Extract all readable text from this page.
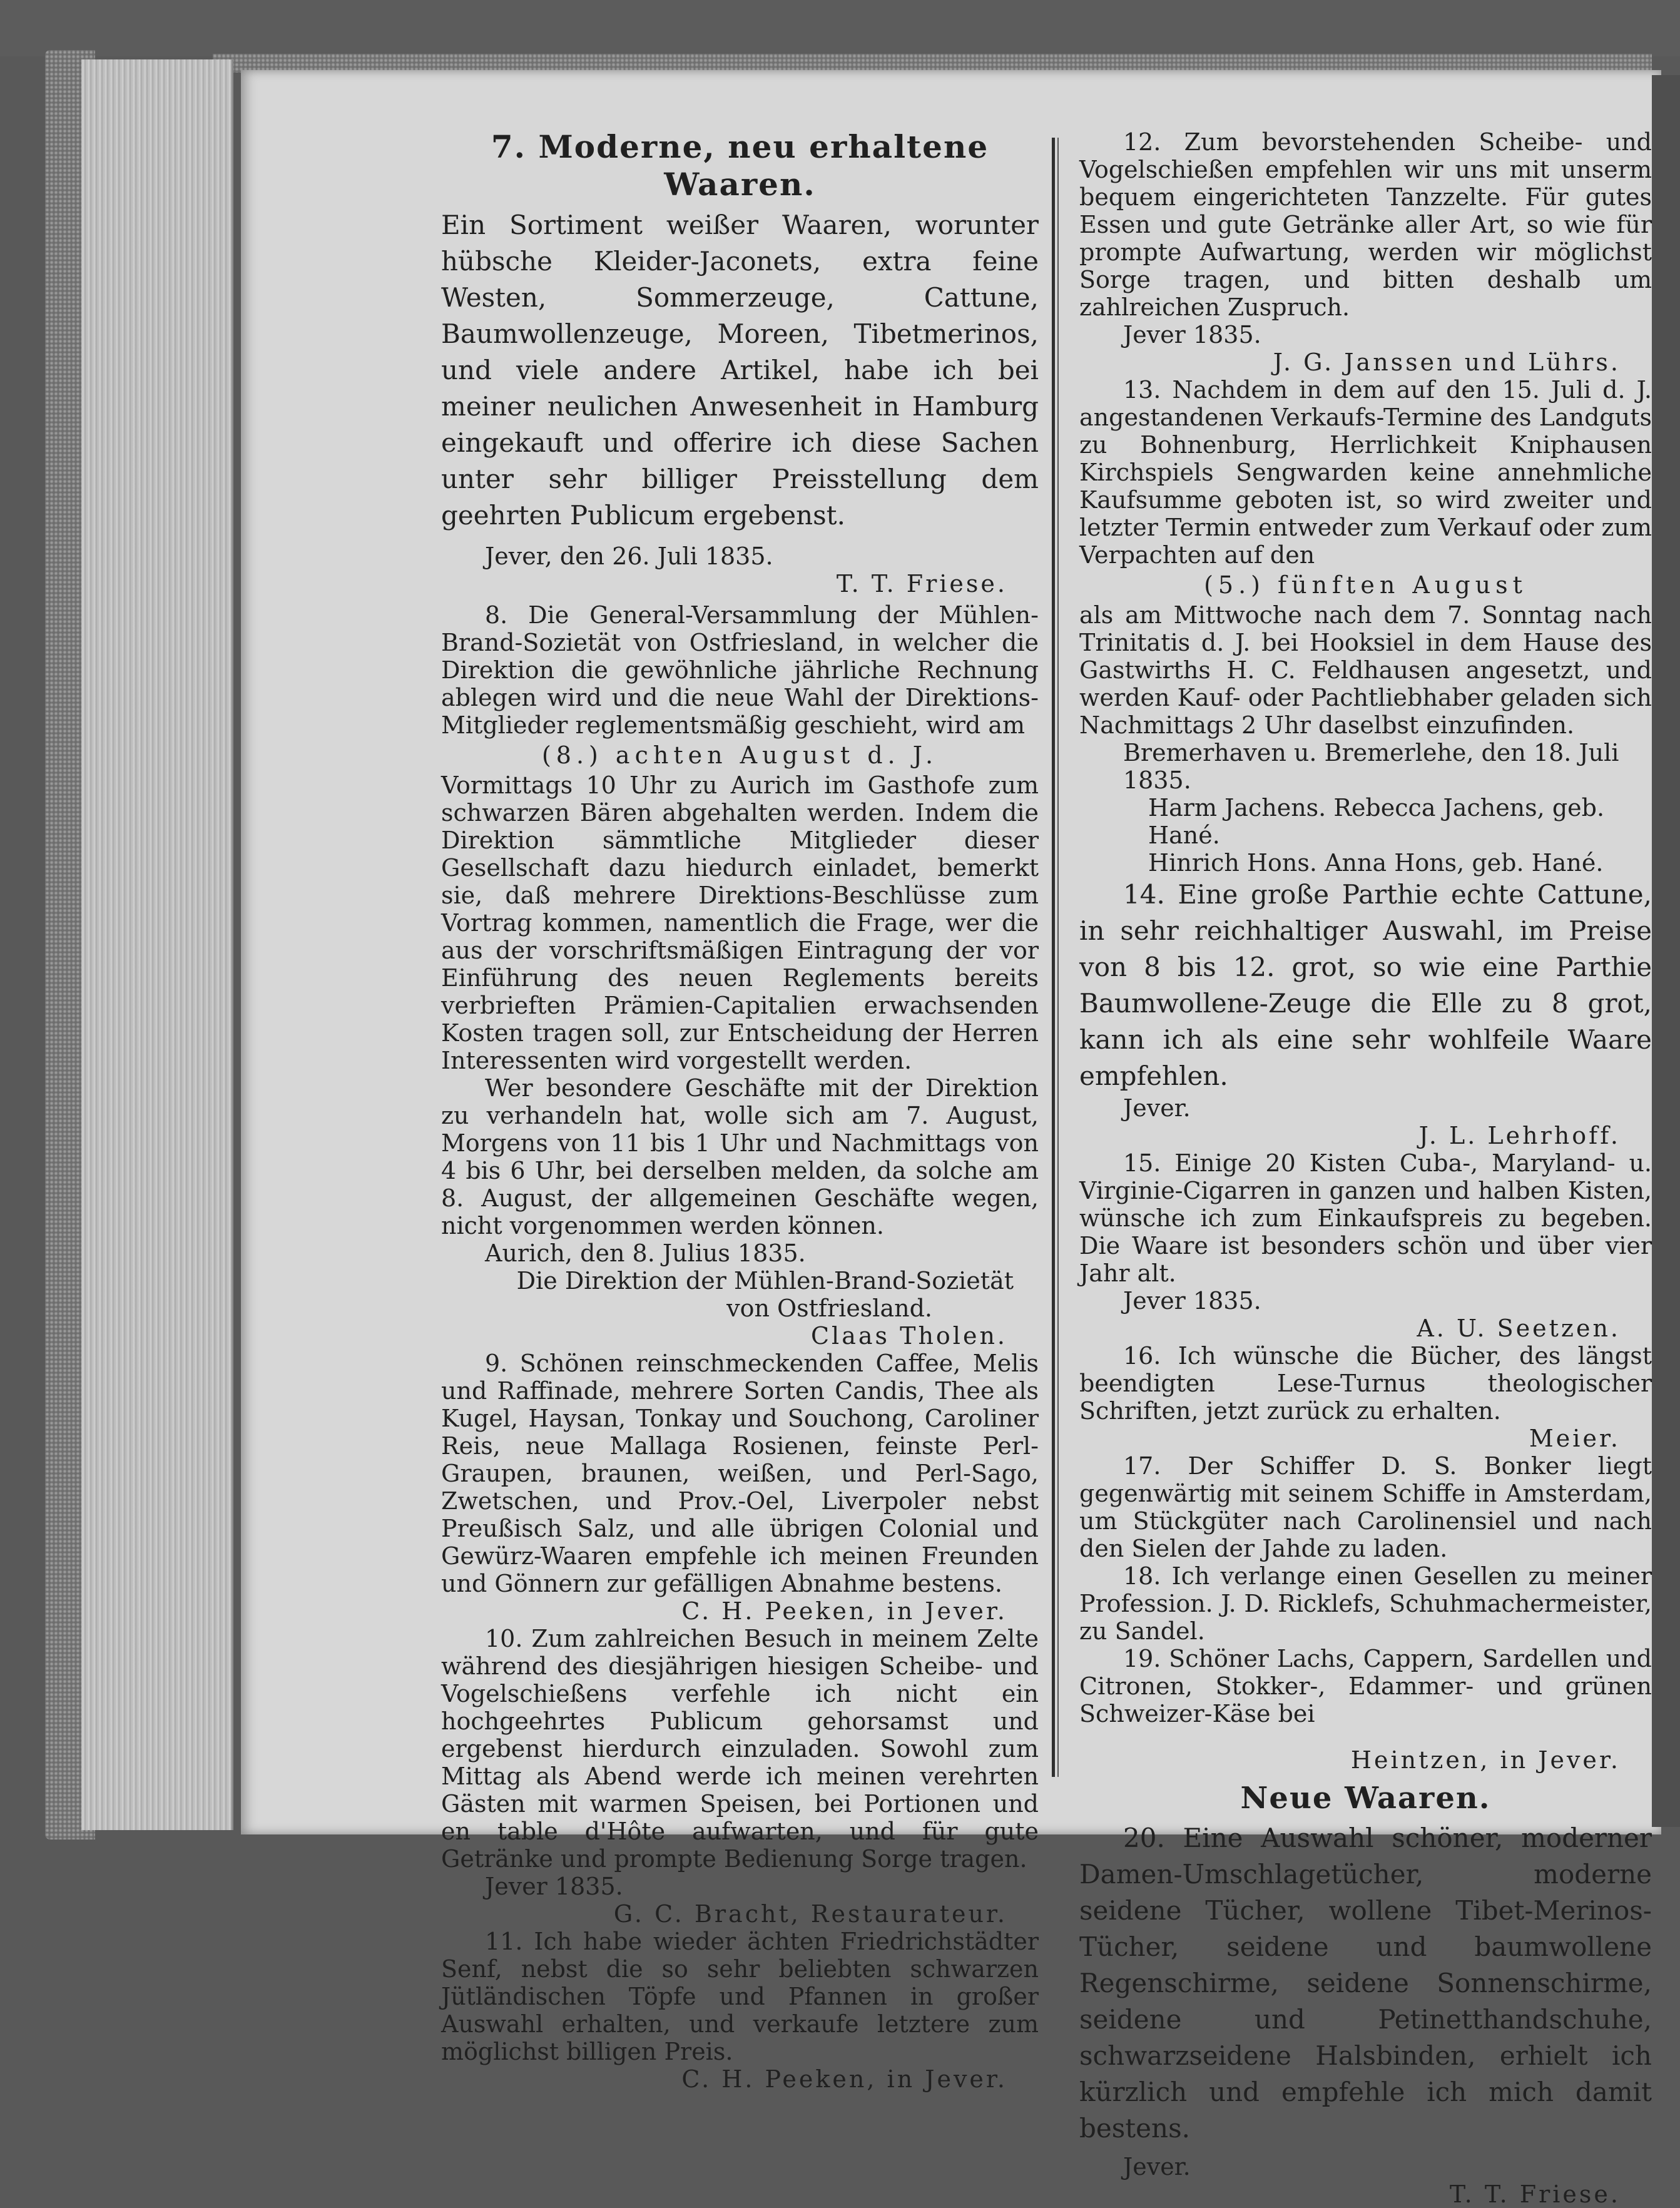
7. Moderne, neu erhaltene Waaren.

Ein Sortiment weißer Waaren, worunter hübsche Kleider-Jaconets, extra feine Westen, Sommerzeuge, Cattune, Baumwollenzeuge, Moreen, Tibetmerinos, und viele andere Artikel, habe ich bei meiner neulichen Anwesenheit in Hamburg eingekauft und offerire ich diese Sachen unter sehr billiger Preisstellung dem geehrten Publicum ergebenst.

Jever, den 26. Juli 1835.

T. T. Friese.

8. Die General-Versammlung der Mühlen-Brand-Sozietät von Ostfriesland, in welcher die Direktion die gewöhnliche jährliche Rechnung ablegen wird und die neue Wahl der Direktions-Mitglieder reglementsmäßig geschieht, wird am

(8.) achten August d. J.

Vormittags 10 Uhr zu Aurich im Gasthofe zum schwarzen Bären abgehalten werden. Indem die Direktion sämmtliche Mitglieder dieser Gesellschaft dazu hiedurch einladet, bemerkt sie, daß mehrere Direktions-Beschlüsse zum Vortrag kommen, namentlich die Frage, wer die aus der vorschriftsmäßigen Eintragung der vor Einführung des neuen Reglements bereits verbrieften Prämien-Capitalien erwachsenden Kosten tragen soll, zur Entscheidung der Herren Interessenten wird vorgestellt werden.

Wer besondere Geschäfte mit der Direktion zu verhandeln hat, wolle sich am 7. August, Morgens von 11 bis 1 Uhr und Nachmittags von 4 bis 6 Uhr, bei derselben melden, da solche am 8. August, der allgemeinen Geschäfte wegen, nicht vorgenommen werden können.

Aurich, den 8. Julius 1835.

Die Direktion der Mühlen-Brand-Sozietät

von Ostfriesland.

Claas Tholen.

9. Schönen reinschmeckenden Caffee, Melis und Raffinade, mehrere Sorten Candis, Thee als Kugel, Haysan, Tonkay und Souchong, Caroliner Reis, neue Mallaga Rosienen, feinste Perl-Graupen, braunen, weißen, und Perl-Sago, Zwetschen, und Prov.-Oel, Liverpoler nebst Preußisch Salz, und alle übrigen Colonial und Gewürz-Waaren empfehle ich meinen Freunden und Gönnern zur gefälligen Abnahme bestens.

C. H. Peeken, in Jever.

10. Zum zahlreichen Besuch in meinem Zelte während des diesjährigen hiesigen Scheibe- und Vogelschießens verfehle ich nicht ein hochgeehrtes Publicum gehorsamst und ergebenst hierdurch einzuladen. Sowohl zum Mittag als Abend werde ich meinen verehrten Gästen mit warmen Speisen, bei Portionen und en table d'Hôte aufwarten, und für gute Getränke und prompte Bedienung Sorge tragen.

Jever 1835.

G. C. Bracht, Restaurateur.

11. Ich habe wieder ächten Friedrichstädter Senf, nebst die so sehr beliebten schwarzen Jütländischen Töpfe und Pfannen in großer Auswahl erhalten, und verkaufe letztere zum möglichst billigen Preis.

C. H. Peeken, in Jever.

12. Zum bevorstehenden Scheibe- und Vogelschießen empfehlen wir uns mit unserm bequem eingerichteten Tanzzelte. Für gutes Essen und gute Getränke aller Art, so wie für prompte Aufwartung, werden wir möglichst Sorge tragen, und bitten deshalb um zahlreichen Zuspruch.

Jever 1835.

J. G. Janssen und Lührs.

13. Nachdem in dem auf den 15. Juli d. J. angestandenen Verkaufs-Termine des Landguts zu Bohnenburg, Herrlichkeit Kniphausen Kirchspiels Sengwarden keine annehmliche Kaufsumme geboten ist, so wird zweiter und letzter Termin entweder zum Verkauf oder zum Verpachten auf den

(5.) fünften August

als am Mittwoche nach dem 7. Sonntag nach Trinitatis d. J. bei Hooksiel in dem Hause des Gastwirths H. C. Feldhausen angesetzt, und werden Kauf- oder Pachtliebhaber geladen sich Nachmittags 2 Uhr daselbst einzufinden.

Bremerhaven u. Bremerlehe, den 18. Juli 1835.

Harm Jachens. Rebecca Jachens, geb. Hané.

Hinrich Hons. Anna Hons, geb. Hané.

14. Eine große Parthie echte Cattune, in sehr reichhaltiger Auswahl, im Preise von 8 bis 12. grot, so wie eine Parthie Baumwollene-Zeuge die Elle zu 8 grot, kann ich als eine sehr wohlfeile Waare empfehlen.

Jever.

J. L. Lehrhoff.

15. Einige 20 Kisten Cuba-, Maryland- u. Virginie-Cigarren in ganzen und halben Kisten, wünsche ich zum Einkaufspreis zu begeben. Die Waare ist besonders schön und über vier Jahr alt.

Jever 1835.

A. U. Seetzen.

16. Ich wünsche die Bücher, des längst beendigten Lese-Turnus theologischer Schriften, jetzt zurück zu erhalten.

Meier.

17. Der Schiffer D. S. Bonker liegt gegenwärtig mit seinem Schiffe in Amsterdam, um Stückgüter nach Carolinensiel und nach den Sielen der Jahde zu laden.

18. Ich verlange einen Gesellen zu meiner Profession. J. D. Ricklefs, Schuhmachermeister, zu Sandel.

19. Schöner Lachs, Cappern, Sardellen und Citronen, Stokker-, Edammer- und grünen Schweizer-Käse bei

Heintzen, in Jever.

Neue Waaren.

20. Eine Auswahl schöner, moderner Damen-Umschlagetücher, moderne seidene Tücher, wollene Tibet-Merinos-Tücher, seidene und baumwollene Regenschirme, seidene Sonnenschirme, seidene und Petinetthandschuhe, schwarzseidene Halsbinden, erhielt ich kürzlich und empfehle ich mich damit bestens.

Jever.

T. T. Friese.
